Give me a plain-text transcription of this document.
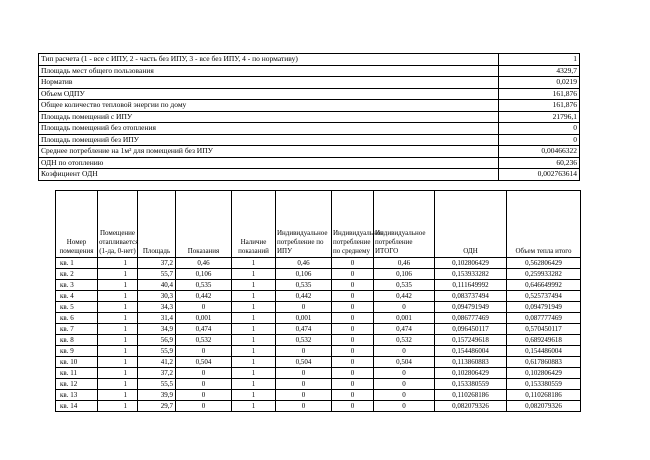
Тип расчета (1 - все с ИПУ, 2 - часть без ИПУ, 3 - все без ИПУ, 4 - по нормативу)	1
Площадь мест общего пользования	4329,7
Норматив	0,0219
Объем ОДПУ	161,876
Общее количество тепловой энергии по дому	161,876
Площадь помещений с ИПУ	21796,1
Площадь помещений без отопления	0
Площадь помещений без ИПУ	0
Среднее потребление на 1м² для помещений без ИПУ	0,00466322
ОДН по отоплению	60,236
Коэфициент ОДН	0,002763614
Номер помещения	Помещение отапливается (1-да, 0-нет)	Площадь	Показания	Наличие показаний	Индивидуальное потребление по ИПУ	Индивидуальное потребление по среднему	Индивидуальное потребление ИТОГО	ОДН	Объем тепла итого
кв. 1	1	37,2	0,46	1	0,46	0	0,46	0,102806429	0,562806429
кв. 2	1	55,7	0,106	1	0,106	0	0,106	0,153933282	0,259933282
кв. 3	1	40,4	0,535	1	0,535	0	0,535	0,111649992	0,646649992
кв. 4	1	30,3	0,442	1	0,442	0	0,442	0,083737494	0,525737494
кв. 5	1	34,3	0	1	0	0	0	0,094791949	0,094791949
кв. 6	1	31,4	0,001	1	0,001	0	0,001	0,086777469	0,087777469
кв. 7	1	34,9	0,474	1	0,474	0	0,474	0,096450117	0,570450117
кв. 8	1	56,9	0,532	1	0,532	0	0,532	0,157249618	0,689249618
кв. 9	1	55,9	0	1	0	0	0	0,154486004	0,154486004
кв. 10	1	41,2	0,504	1	0,504	0	0,504	0,113860883	0,617860883
кв. 11	1	37,2	0	1	0	0	0	0,102806429	0,102806429
кв. 12	1	55,5	0	1	0	0	0	0,153380559	0,153380559
кв. 13	1	39,9	0	1	0	0	0	0,110268186	0,110268186
кв. 14	1	29,7	0	1	0	0	0	0,082079326	0,082079326
